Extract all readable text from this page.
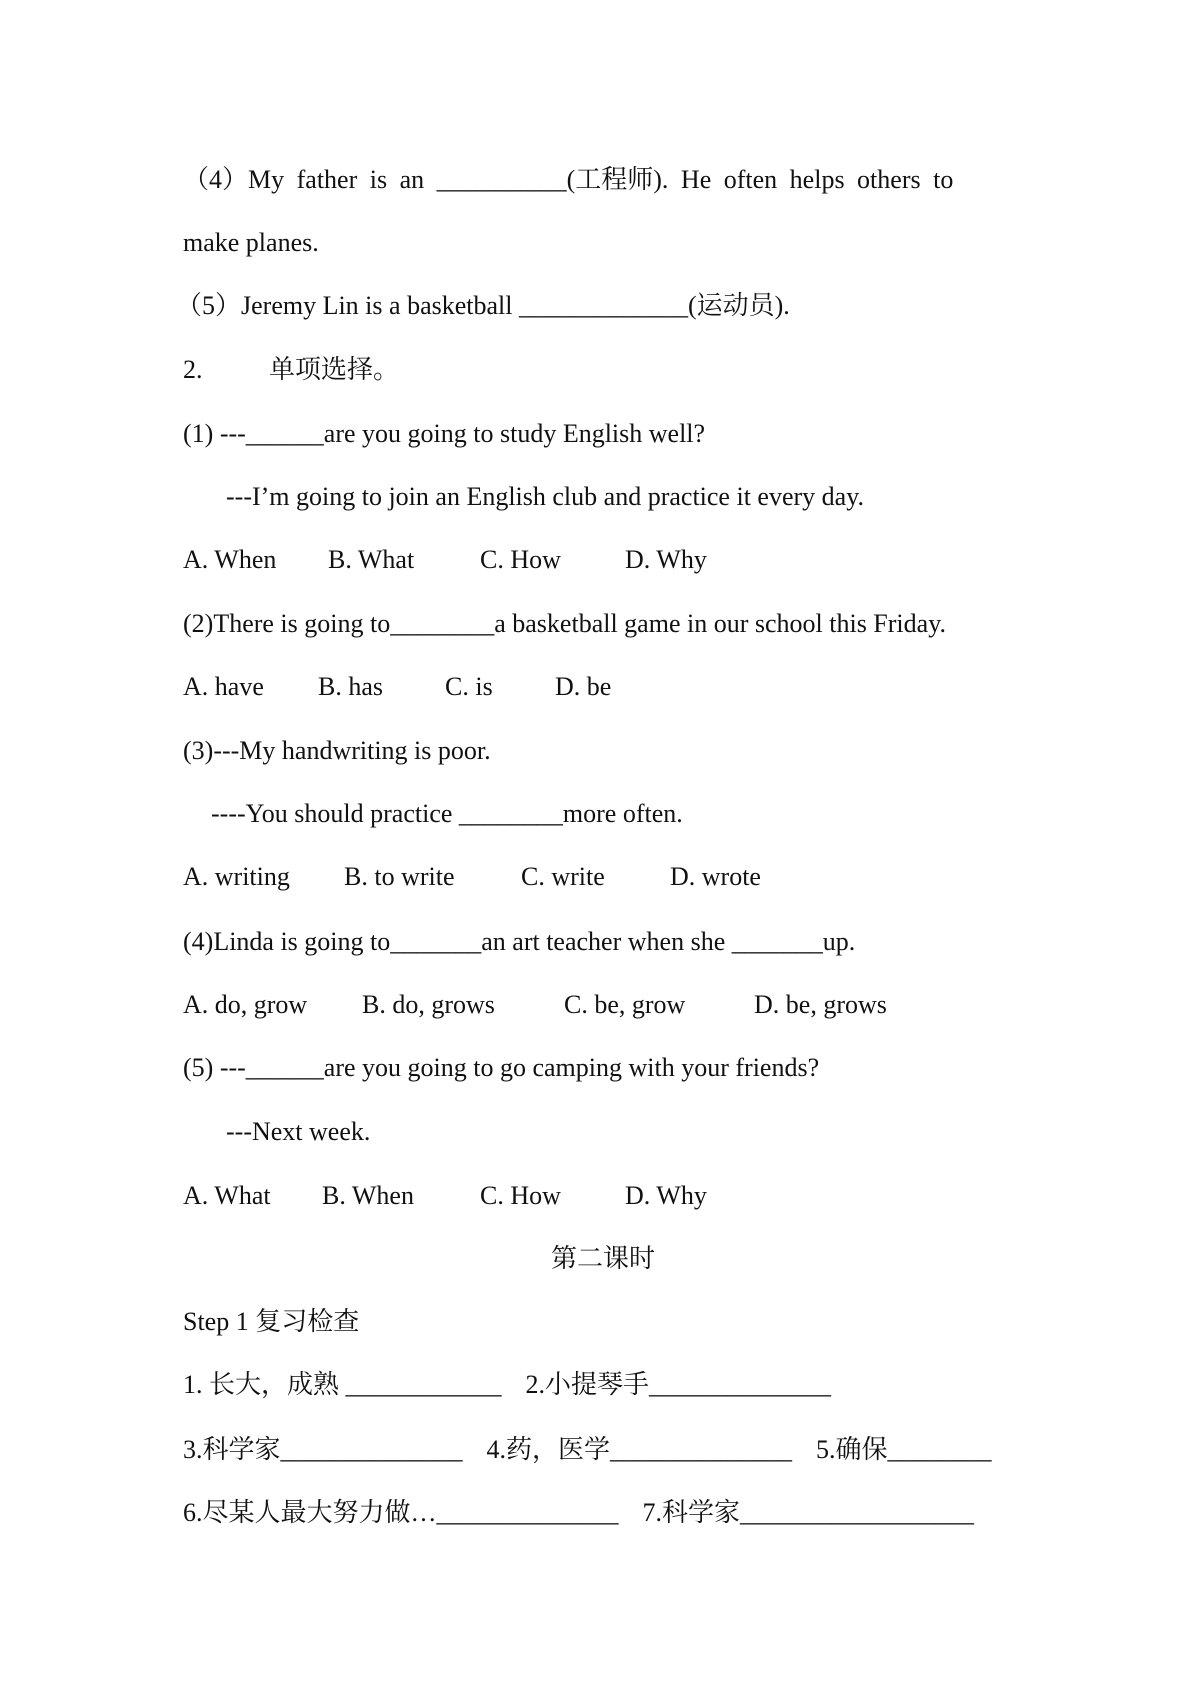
（4）My father is an __________(工程师). He often helps others to
make planes.
（5）Jeremy Lin is a basketball _____________(运动员).
2.	单项选择。
(1) ---______are you going to study English well?
---I’m going to join an English club and practice it every day.
A. When	B. What	C. How	D. Why
(2)There is going to________a basketball game in our school this Friday.
A. have	B. has	C. is	D. be
(3)---My handwriting is poor.
----You should practice ________more often.
A. writing	B. to write	C. write	D. wrote
(4)Linda is going to_______an art teacher when she _______up.
A. do, grow	B. do, grows	C. be, grow	D. be, grows
(5) ---______are you going to go camping with your friends?
---Next week.
A. What	B. When	C. How	D. Why
第二课时
Step 1 复习检查
1. 长大，成熟 ____________ 2.小提琴手______________
3.科学家______________ 4.药，医学______________ 5.确保________
6.尽某人最大努力做…______________ 7.科学家__________________
